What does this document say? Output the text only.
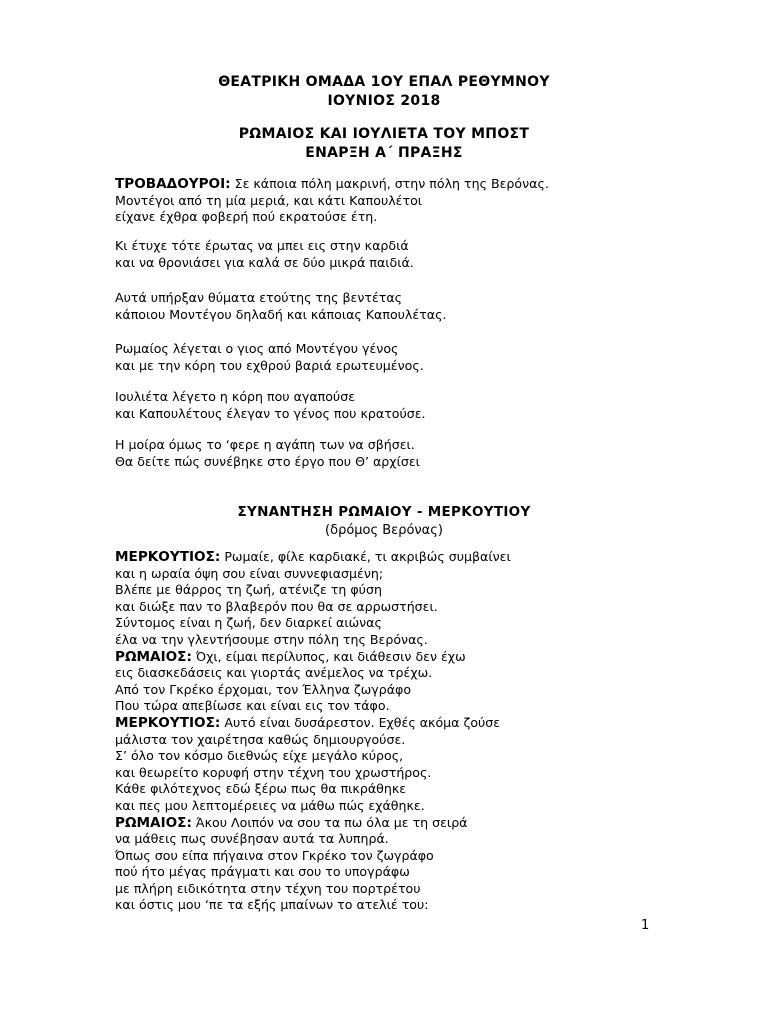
ΘΕΑΤΡΙΚΗ ΟΜΑΔΑ 1ΟΥ ΕΠΑΛ ΡΕΘΥΜΝΟΥ
ΙΟΥΝΙΟΣ 2018
ΡΩΜΑΙΟΣ ΚΑΙ ΙΟΥΛΙΕΤΑ ΤΟΥ ΜΠΟΣΤ
ΕΝΑΡΞΗ Α΄ ΠΡΑΞΗΣ
ΤΡΟΒΑΔΟΥΡΟΙ: Σε κάποια πόλη μακρινή, στην πόλη της Βερόνας.
Μοντέγοι από τη μία μεριά, και κάτι Καπουλέτοι
είχανε έχθρα φοβερή πού εκρατούσε έτη.
Κι έτυχε τότε έρωτας να μπει εις στην καρδιά
και να θρονιάσει για καλά σε δύο μικρά παιδιά.
Αυτά υπήρξαν θύματα ετούτης της βεντέτας
κάποιου Μοντέγου δηλαδή και κάποιας Καπουλέτας.
Ρωμαίος λέγεται ο γιος από Μοντέγου γένος
και με την κόρη του εχθρού βαριά ερωτευμένος.
Ιουλιέτα λέγετο η κόρη που αγαπούσε
και Καπουλέτους έλεγαν το γένος που κρατούσε.
Η μοίρα όμως το ‘φερε η αγάπη των να σβήσει.
Θα δείτε πώς συνέβηκε στο έργο που Θ’ αρχίσει
ΣΥΝΑΝΤΗΣΗ ΡΩΜΑΙΟΥ - ΜΕΡΚΟΥΤΙΟΥ
(δρόμος Βερόνας)
ΜΕΡΚΟΥΤΙΟΣ: Ρωμαίε, φίλε καρδιακέ, τι ακριβώς συμβαίνει
και η ωραία όψη σου είναι συννεφιασμένη;
Βλέπε με θάρρος τη ζωή, ατένιζε τη φύση
και διώξε παν το βλαβερόν που θα σε αρρωστήσει.
Σύντομος είναι η ζωή, δεν διαρκεί αιώνας
έλα να την γλεντήσουμε στην πόλη της Βερόνας.
ΡΩΜΑΙΟΣ: Όχι, είμαι περίλυπος, και διάθεσιν δεν έχω
εις διασκεδάσεις και γιορτάς ανέμελος να τρέχω.
Από τον Γκρέκο έρχομαι, τον Έλληνα ζωγράφο
Που τώρα απεβίωσε και είναι εις τον τάφο.
ΜΕΡΚΟΥΤΙΟΣ: Αυτό είναι δυσάρεστον. Εχθές ακόμα ζούσε
μάλιστα τον χαιρέτησα καθώς δημιουργούσε.
Σ’ όλο τον κόσμο διεθνώς είχε μεγάλο κύρος,
και θεωρείτο κορυφή στην τέχνη του χρωστήρος.
Κάθε φιλότεχνος εδώ ξέρω πως θα πικράθηκε
και πες μου λεπτομέρειες να μάθω πώς εχάθηκε.
ΡΩΜΑΙΟΣ: Άκου Λοιπόν να σου τα πω όλα με τη σειρά
να μάθεις πως συνέβησαν αυτά τα λυπηρά.
Όπως σου είπα πήγαινα στον Γκρέκο τον ζωγράφο
πού ήτο μέγας πράγματι και σου το υπογράφω
με πλήρη ειδικότητα στην τέχνη του πορτρέτου
και όστις μου ‘πε τα εξής μπαίνων το ατελιέ του:
1
